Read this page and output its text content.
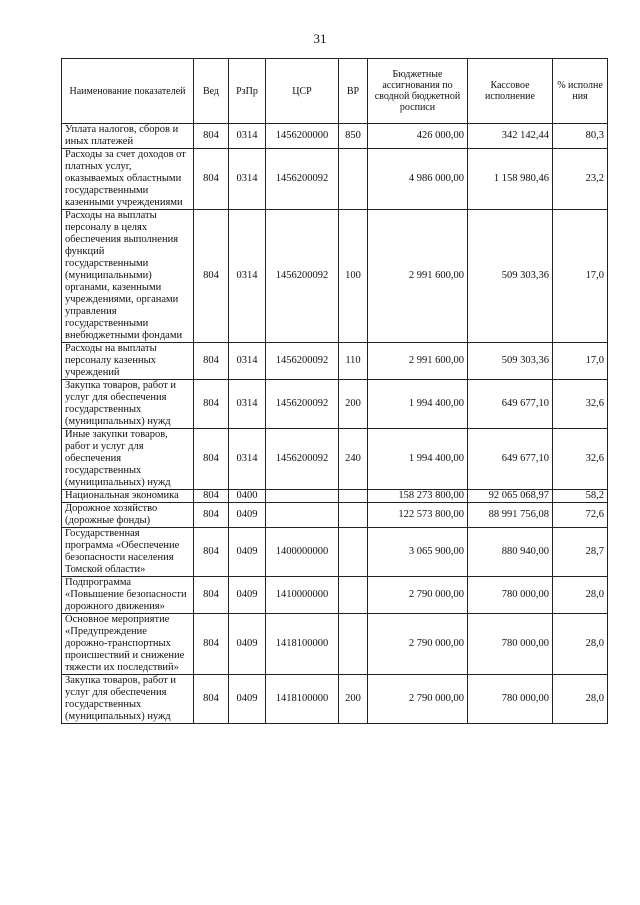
31
Наименование показателей	Вед	РзПр	ЦСР	ВР	Бюджетные ассигнования по сводной бюджетной росписи	Кассовое исполнение	% исполне ния
Уплата налогов, сборов и иных платежей	804	0314	1456200000	850	426 000,00	342 142,44	80,3
Расходы за счет доходов от платных услуг, оказываемых областными государственными казенными учреждениями	804	0314	1456200092		4 986 000,00	1 158 980,46	23,2
Расходы на выплаты персоналу в целях обеспечения выполнения функций государственными (муниципальными) органами, казенными учреждениями, органами управления государственными внебюджетными фондами	804	0314	1456200092	100	2 991 600,00	509 303,36	17,0
Расходы на выплаты персоналу казенных учреждений	804	0314	1456200092	110	2 991 600,00	509 303,36	17,0
Закупка товаров, работ и услуг для обеспечения государственных (муниципальных) нужд	804	0314	1456200092	200	1 994 400,00	649 677,10	32,6
Иные закупки товаров, работ и услуг для обеспечения государственных (муниципальных) нужд	804	0314	1456200092	240	1 994 400,00	649 677,10	32,6
Национальная экономика	804	0400			158 273 800,00	92 065 068,97	58,2
Дорожное хозяйство (дорожные фонды)	804	0409			122 573 800,00	88 991 756,08	72,6
Государственная программа «Обеспечение безопасности населения Томской области»	804	0409	1400000000		3 065 900,00	880 940,00	28,7
Подпрограмма «Повышение безопасности дорожного движения»	804	0409	1410000000		2 790 000,00	780 000,00	28,0
Основное мероприятие «Предупреждение дорожно-транспортных происшествий и снижение тяжести их последствий»	804	0409	1418100000		2 790 000,00	780 000,00	28,0
Закупка товаров, работ и услуг для обеспечения государственных (муниципальных) нужд	804	0409	1418100000	200	2 790 000,00	780 000,00	28,0
